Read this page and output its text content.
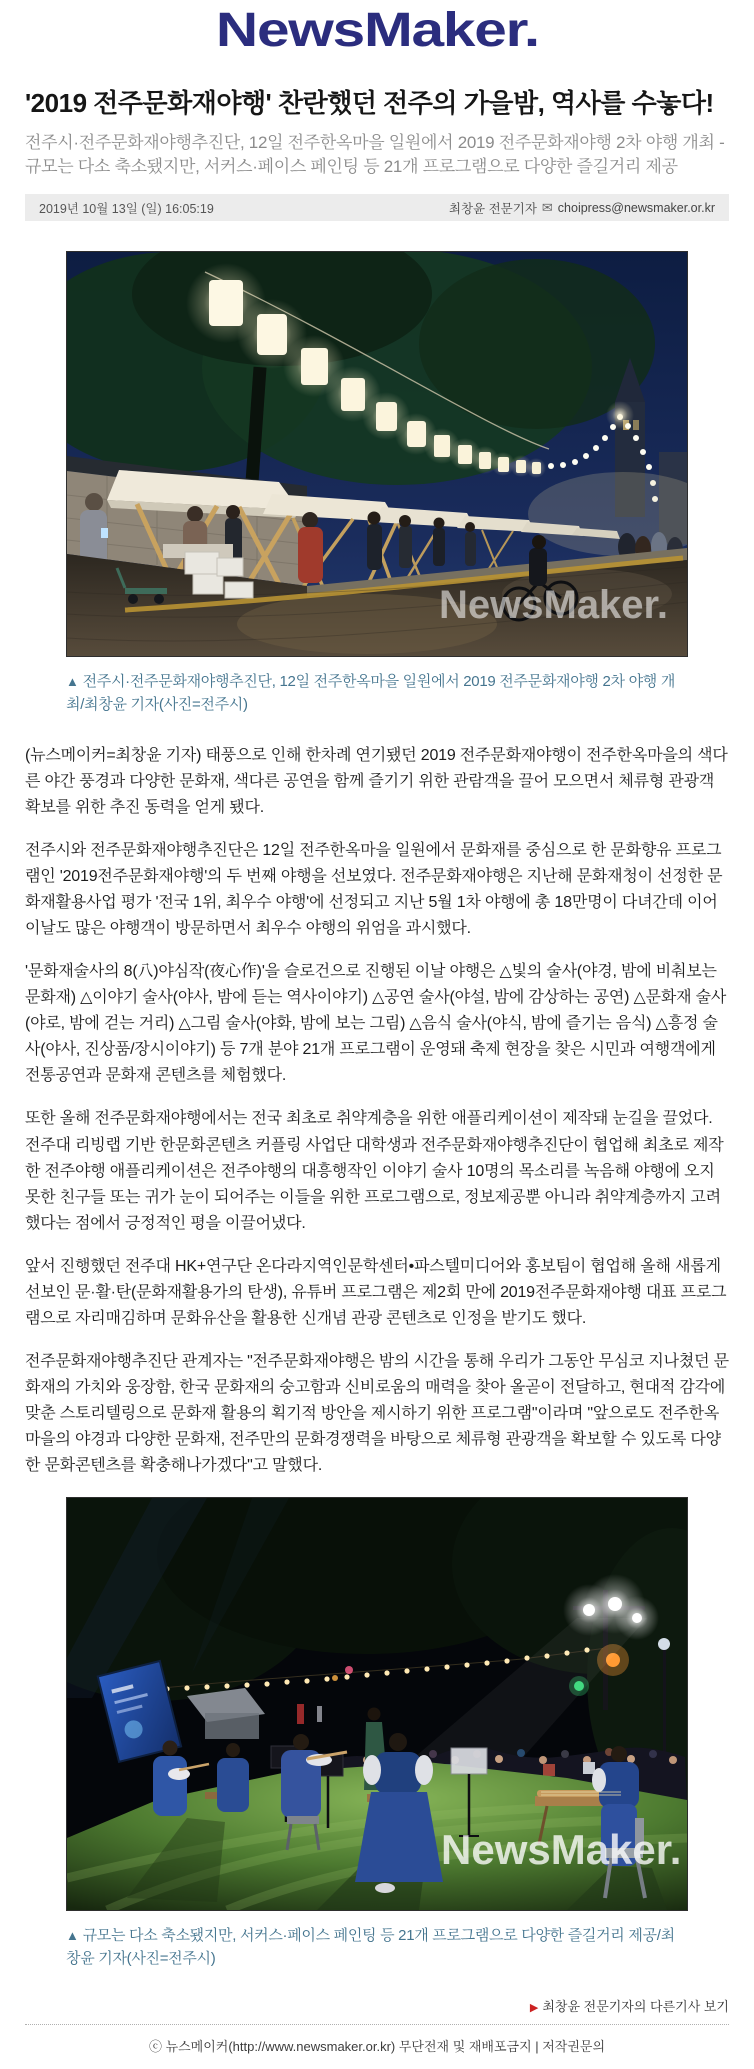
NewsMaker.
'2019 전주문화재야행' 찬란했던 전주의 가을밤, 역사를 수놓다!
전주시·전주문화재야행추진단, 12일 전주한옥마을 일원에서 2019 전주문화재야행 2차 야행 개최 - 규모는 다소 축소됐지만, 서커스·페이스 페인팅 등 21개 프로그램으로 다양한 즐길거리 제공
2019년 10월 13일 (일) 16:05:19	최창윤 전문기자 ✉ choipress@newsmaker.or.kr
NewsMaker.
▲ 전주시·전주문화재야행추진단, 12일 전주한옥마을 일원에서 2019 전주문화재야행 2차 야행 개최/최창윤 기자(사진=전주시)

(뉴스메이커=최창윤 기자) 태풍으로 인해 한차례 연기됐던 2019 전주문화재야행이 전주한옥마을의 색다른 야간 풍경과 다양한 문화재, 색다른 공연을 함께 즐기기 위한 관람객을 끌어 모으면서 체류형 관광객 확보를 위한 추진 동력을 얻게 됐다.

전주시와 전주문화재야행추진단은 12일 전주한옥마을 일원에서 문화재를 중심으로 한 문화향유 프로그램인 '2019전주문화재야행'의 두 번째 야행을 선보였다. 전주문화재야행은 지난해 문화재청이 선정한 문화재활용사업 평가 '전국 1위, 최우수 야행'에 선정되고 지난 5월 1차 야행에 총 18만명이 다녀간데 이어 이날도 많은 야행객이 방문하면서 최우수 야행의 위엄을 과시했다.

'문화재술사의 8(八)야심작(夜心作)'을 슬로건으로 진행된 이날 야행은 △빛의 술사(야경, 밤에 비춰보는 문화재) △이야기 술사(야사, 밤에 듣는 역사이야기) △공연 술사(야설, 밤에 감상하는 공연) △문화재 술사(야로, 밤에 걷는 거리) △그림 술사(야화, 밤에 보는 그림) △음식 술사(야식, 밤에 즐기는 음식) △흥정 술사(야사, 진상품/장시이야기) 등 7개 분야 21개 프로그램이 운영돼 축제 현장을 찾은 시민과 여행객에게 전통공연과 문화재 콘텐츠를 체험했다.

또한 올해 전주문화재야행에서는 전국 최초로 취약계층을 위한 애플리케이션이 제작돼 눈길을 끌었다. 전주대 리빙랩 기반 한문화콘텐츠 커플링 사업단 대학생과 전주문화재야행추진단이 협업해 최초로 제작한 전주야행 애플리케이션은 전주야행의 대흥행작인 이야기 술사 10명의 목소리를 녹음해 야행에 오지 못한 친구들 또는 귀가 눈이 되어주는 이들을 위한 프로그램으로, 정보제공뿐 아니라 취약계층까지 고려했다는 점에서 긍정적인 평을 이끌어냈다.

앞서 진행했던 전주대 HK+연구단 온다라지역인문학센터•파스텔미디어와 홍보팀이 협업해 올해 새롭게 선보인 문·활·탄(문화재활용가의 탄생), 유튜버 프로그램은 제2회 만에 2019전주문화재야행 대표 프로그램으로 자리매김하며 문화유산을 활용한 신개념 관광 콘텐츠로 인정을 받기도 했다.

전주문화재야행추진단 관계자는 "전주문화재야행은 밤의 시간을 통해 우리가 그동안 무심코 지나쳤던 문화재의 가치와 웅장함, 한국 문화재의 숭고함과 신비로움의 매력을 찾아 올곧이 전달하고, 현대적 감각에 맞춘 스토리텔링으로 문화재 활용의 획기적 방안을 제시하기 위한 프로그램"이라며 "앞으로도 전주한옥마을의 야경과 다양한 문화재, 전주만의 문화경쟁력을 바탕으로 체류형 관광객을 확보할 수 있도록 다양한 문화콘텐츠를 확충해나가겠다"고 말했다.

NewsMaker.
▲ 규모는 다소 축소됐지만, 서커스·페이스 페인팅 등 21개 프로그램으로 다양한 즐길거리 제공/최창윤 기자(사진=전주시)
▶ 최창윤 전문기자의 다른기사 보기
ⓒ 뉴스메이커(http://www.newsmaker.or.kr) 무단전재 및 재배포금지 | 저작권문의
